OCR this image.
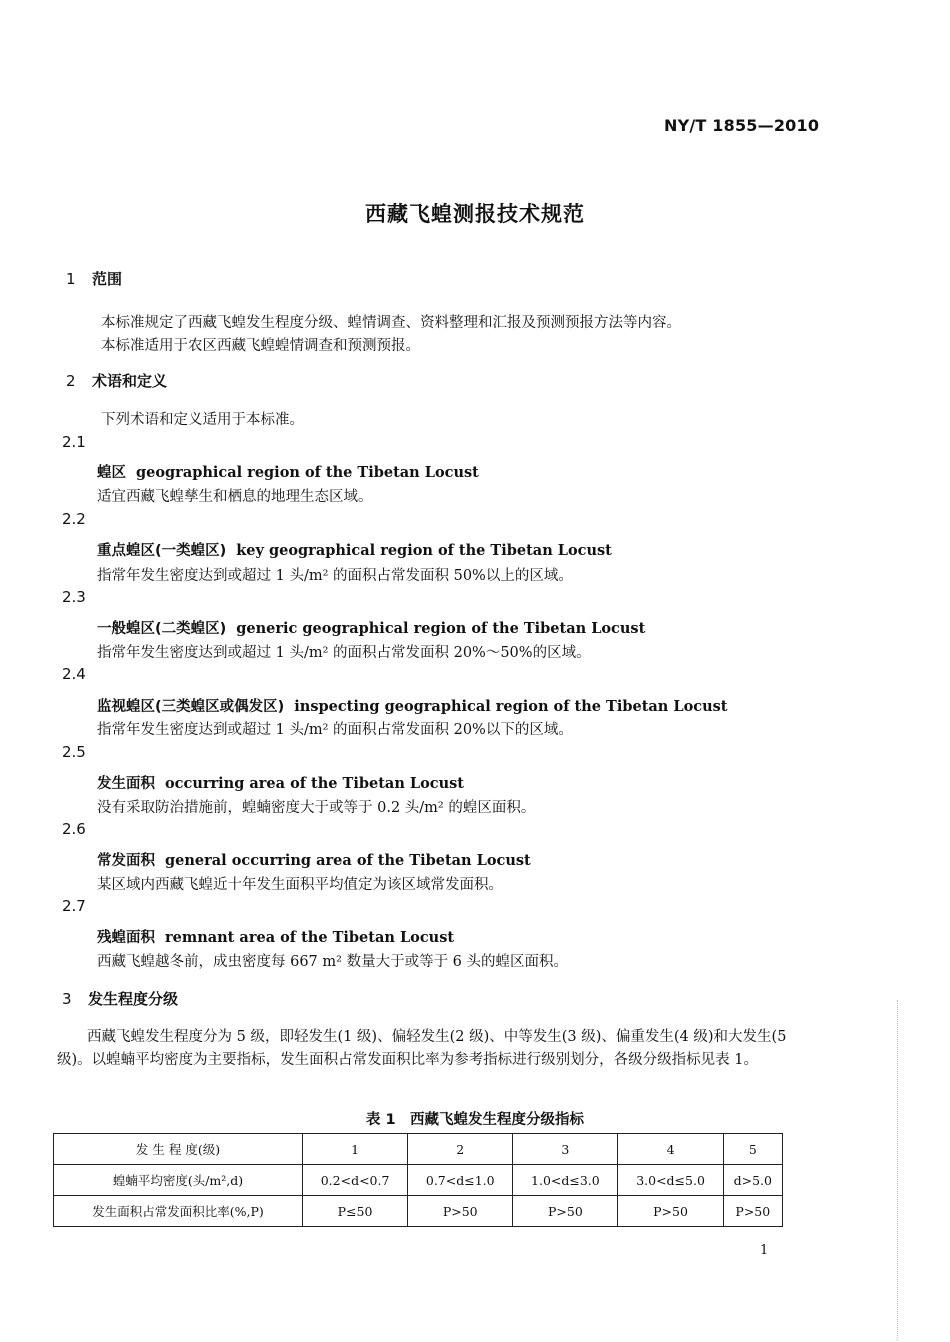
NY/T 1855—2010
西藏飞蝗测报技术规范
1 范围
本标准规定了西藏飞蝗发生程度分级、蝗情调查、资料整理和汇报及预测预报方法等内容。
本标准适用于农区西藏飞蝗蝗情调查和预测预报。
2 术语和定义
下列术语和定义适用于本标准。
2.1
蝗区 geographical region of the Tibetan Locust
适宜西藏飞蝗孳生和栖息的地理生态区域。
2.2
重点蝗区(一类蝗区) key geographical region of the Tibetan Locust
指常年发生密度达到或超过 1 头/m² 的面积占常发面积 50%以上的区域。
2.3
一般蝗区(二类蝗区) generic geographical region of the Tibetan Locust
指常年发生密度达到或超过 1 头/m² 的面积占常发面积 20%～50%的区域。
2.4
监视蝗区(三类蝗区或偶发区) inspecting geographical region of the Tibetan Locust
指常年发生密度达到或超过 1 头/m² 的面积占常发面积 20%以下的区域。
2.5
发生面积 occurring area of the Tibetan Locust
没有采取防治措施前，蝗蝻密度大于或等于 0.2 头/m² 的蝗区面积。
2.6
常发面积 general occurring area of the Tibetan Locust
某区域内西藏飞蝗近十年发生面积平均值定为该区域常发面积。
2.7
残蝗面积 remnant area of the Tibetan Locust
西藏飞蝗越冬前，成虫密度每 667 m² 数量大于或等于 6 头的蝗区面积。
3 发生程度分级
西藏飞蝗发生程度分为 5 级，即轻发生(1 级)、偏轻发生(2 级)、中等发生(3 级)、偏重发生(4 级)和大发生(5 级)。以蝗蝻平均密度为主要指标，发生面积占常发面积比率为参考指标进行级别划分，各级分级指标见表 1。
表 1　西藏飞蝗发生程度分级指标
发 生 程 度(级)	1	2	3	4	5
蝗蝻平均密度(头/m²,d)	0.2<d<0.7	0.7<d≤1.0	1.0<d≤3.0	3.0<d≤5.0	d>5.0
发生面积占常发面积比率(%,P)	P≤50	P>50	P>50	P>50	P>50
1
